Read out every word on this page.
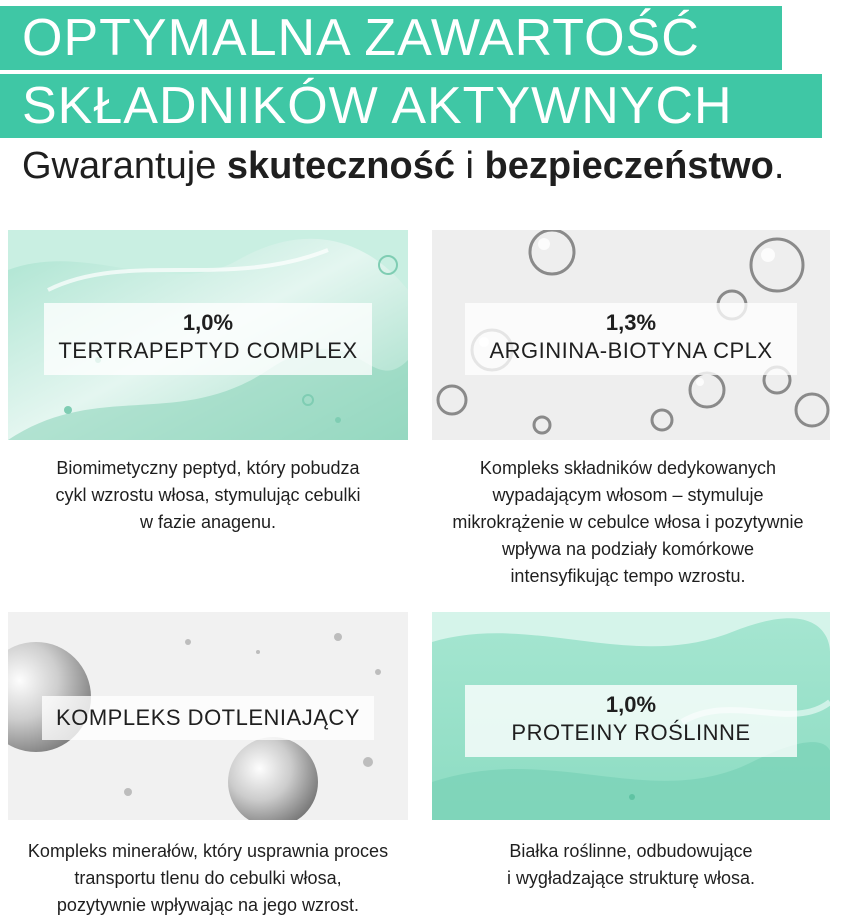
OPTYMALNA ZAWARTOŚĆ
SKŁADNIKÓW AKTYWNYCH
Gwarantuje skuteczność i bezpieczeństwo.
1,0%
TERTRAPEPTYD COMPLEX
Biomimetyczny peptyd, który pobudza
cykl wzrostu włosa, stymulując cebulki
w fazie anagenu.
1,3%
ARGININA-BIOTYNA CPLX
Kompleks składników dedykowanych
wypadającym włosom – stymuluje
mikrokrążenie w cebulce włosa i pozytywnie
wpływa na podziały komórkowe
intensyfikując tempo wzrostu.
KOMPLEKS DOTLENIAJĄCY
Kompleks minerałów, który usprawnia proces
transportu tlenu do cebulki włosa,
pozytywnie wpływając na jego wzrost.
1,0%
PROTEINY ROŚLINNE
Białka roślinne, odbudowujące
i wygładzające strukturę włosa.
